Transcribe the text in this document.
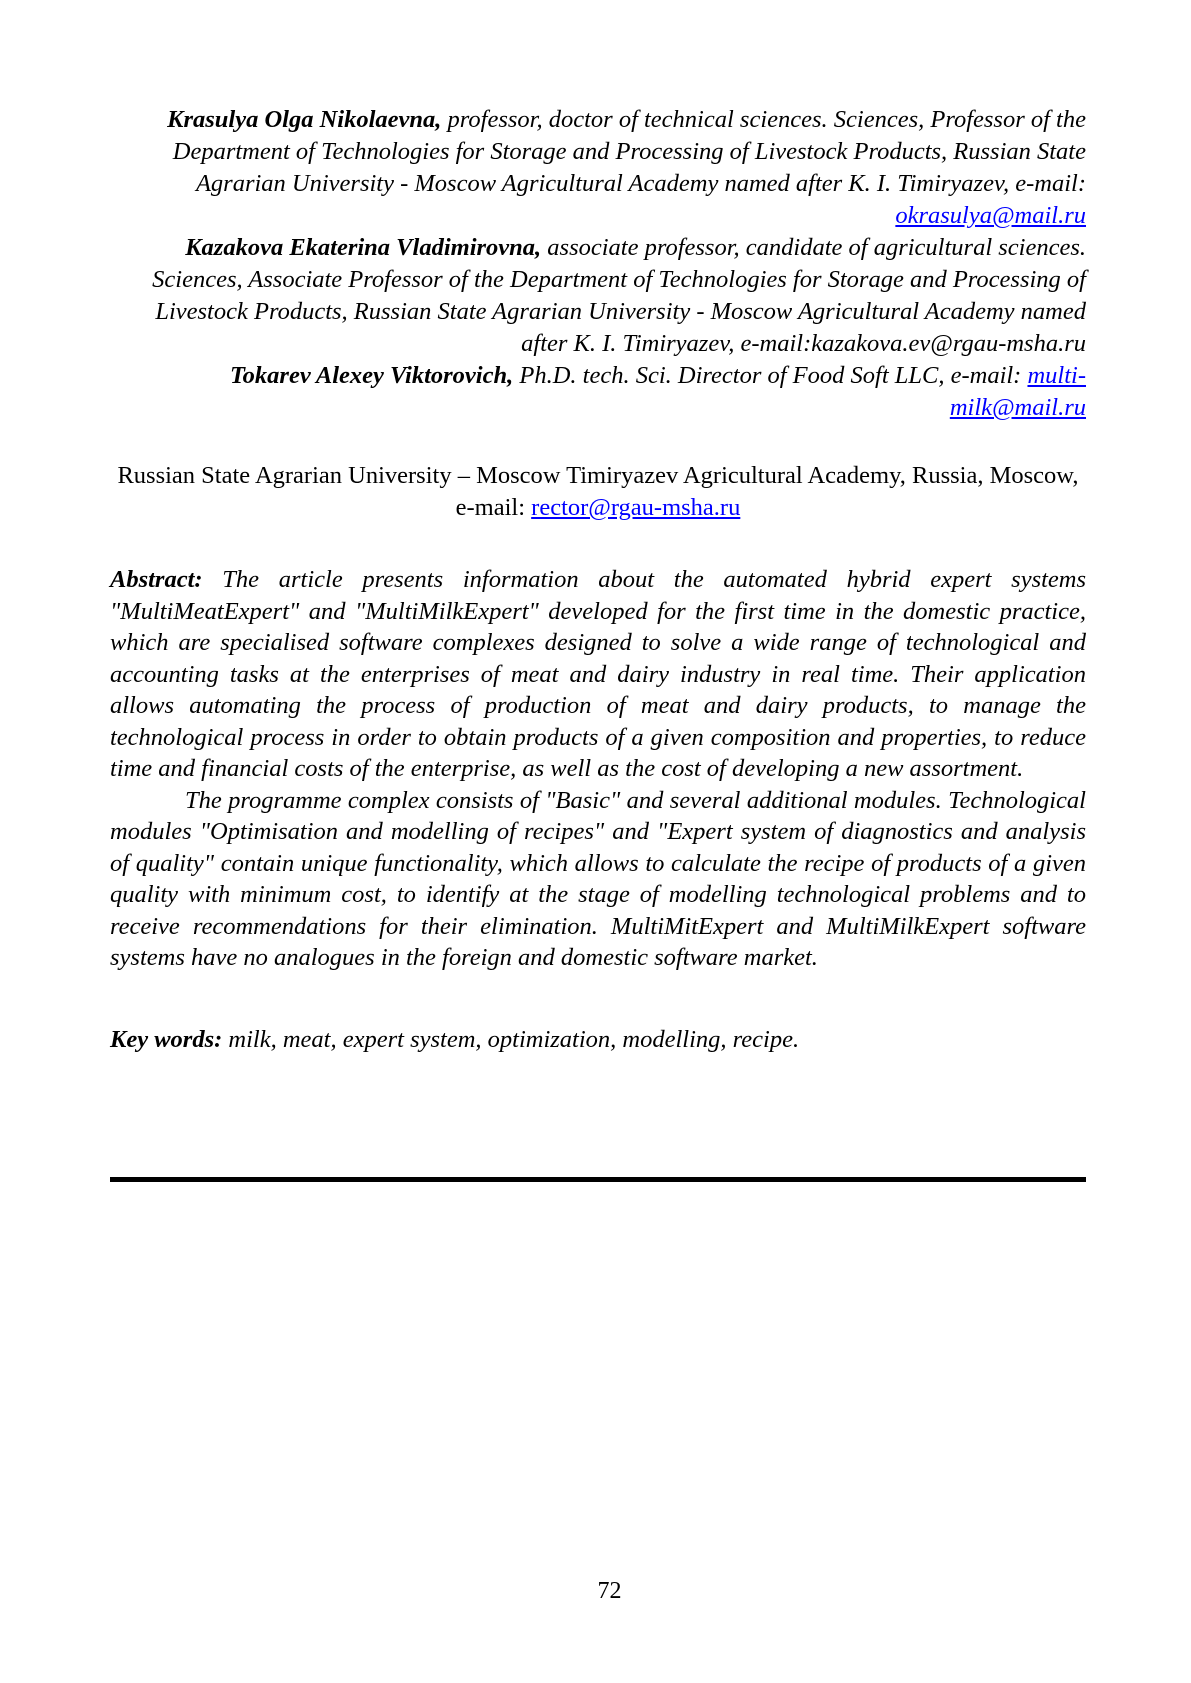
Krasulya Olga Nikolaevna, professor, doctor of technical sciences. Sciences, Professor of the Department of Technologies for Storage and Processing of Livestock Products, Russian State Agrarian University - Moscow Agricultural Academy named after K. I. Timiryazev, e-mail: okrasulya@mail.ru

Kazakova Ekaterina Vladimirovna, associate professor, candidate of agricultural sciences. Sciences, Associate Professor of the Department of Technologies for Storage and Processing of Livestock Products, Russian State Agrarian University - Moscow Agricultural Academy named after K. I. Timiryazev, e-mail:kazakova.ev@rgau-msha.ru

Tokarev Alexey Viktorovich, Ph.D. tech. Sci. Director of Food Soft LLC, e-mail: multi-milk@mail.ru

Russian State Agrarian University – Moscow Timiryazev Agricultural Academy, Russia, Moscow, e-mail: rector@rgau-msha.ru

Abstract: The article presents information about the automated hybrid expert systems "MultiMeatExpert" and "MultiMilkExpert" developed for the first time in the domestic practice, which are specialised software complexes designed to solve a wide range of technological and accounting tasks at the enterprises of meat and dairy industry in real time. Their application allows automating the process of production of meat and dairy products, to manage the technological process in order to obtain products of a given composition and properties, to reduce time and financial costs of the enterprise, as well as the cost of developing a new assortment.

The programme complex consists of "Basic" and several additional modules. Technological modules "Optimisation and modelling of recipes" and "Expert system of diagnostics and analysis of quality" contain unique functionality, which allows to calculate the recipe of products of a given quality with minimum cost, to identify at the stage of modelling technological problems and to receive recommendations for their elimination. MultiMitExpert and MultiMilkExpert software systems have no analogues in the foreign and domestic software market.

Key words: milk, meat, expert system, optimization, modelling, recipe.
72
